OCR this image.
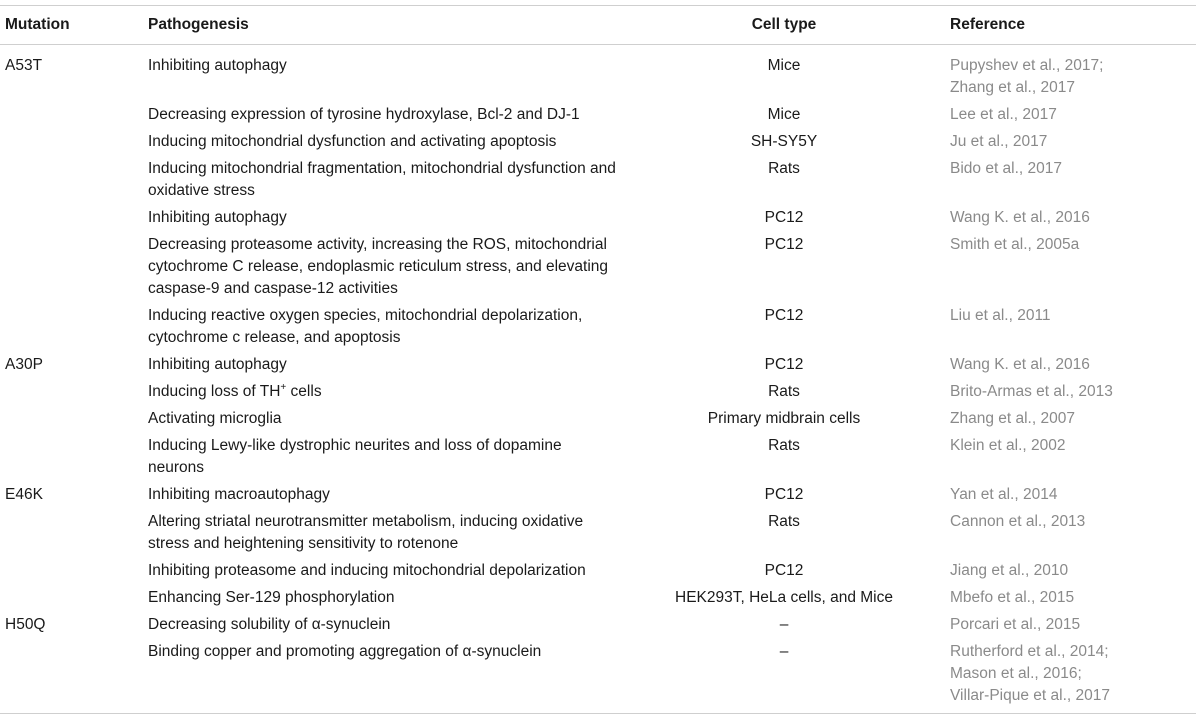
Mutation	Pathogenesis	Cell type	Reference
A53T	Inhibiting autophagy	Mice	Pupyshev et al., 2017;
Zhang et al., 2017

	Decreasing expression of tyrosine hydroxylase, Bcl-2 and DJ-1	Mice	Lee et al., 2017

	Inducing mitochondrial dysfunction and activating apoptosis	SH-SY5Y	Ju et al., 2017

	Inducing mitochondrial fragmentation, mitochondrial dysfunction and oxidative stress	Rats	Bido et al., 2017

	Inhibiting autophagy	PC12	Wang K. et al., 2016

	Decreasing proteasome activity, increasing the ROS, mitochondrial cytochrome C release, endoplasmic reticulum stress, and elevating caspase-9 and caspase-12 activities	PC12	Smith et al., 2005a

	Inducing reactive oxygen species, mitochondrial depolarization, cytochrome c release, and apoptosis	PC12	Liu et al., 2011

A30P	Inhibiting autophagy	PC12	Wang K. et al., 2016

	Inducing loss of TH+ cells	Rats	Brito-Armas et al., 2013

	Activating microglia	Primary midbrain cells	Zhang et al., 2007

	Inducing Lewy-like dystrophic neurites and loss of dopamine neurons	Rats	Klein et al., 2002

E46K	Inhibiting macroautophagy	PC12	Yan et al., 2014

	Altering striatal neurotransmitter metabolism, inducing oxidative stress and heightening sensitivity to rotenone	Rats	Cannon et al., 2013

	Inhibiting proteasome and inducing mitochondrial depolarization	PC12	Jiang et al., 2010

	Enhancing Ser-129 phosphorylation	HEK293T, HeLa cells, and Mice	Mbefo et al., 2015

H50Q	Decreasing solubility of α-synuclein	–	Porcari et al., 2015

	Binding copper and promoting aggregation of α-synuclein	–	Rutherford et al., 2014;
Mason et al., 2016;
Villar-Pique et al., 2017
